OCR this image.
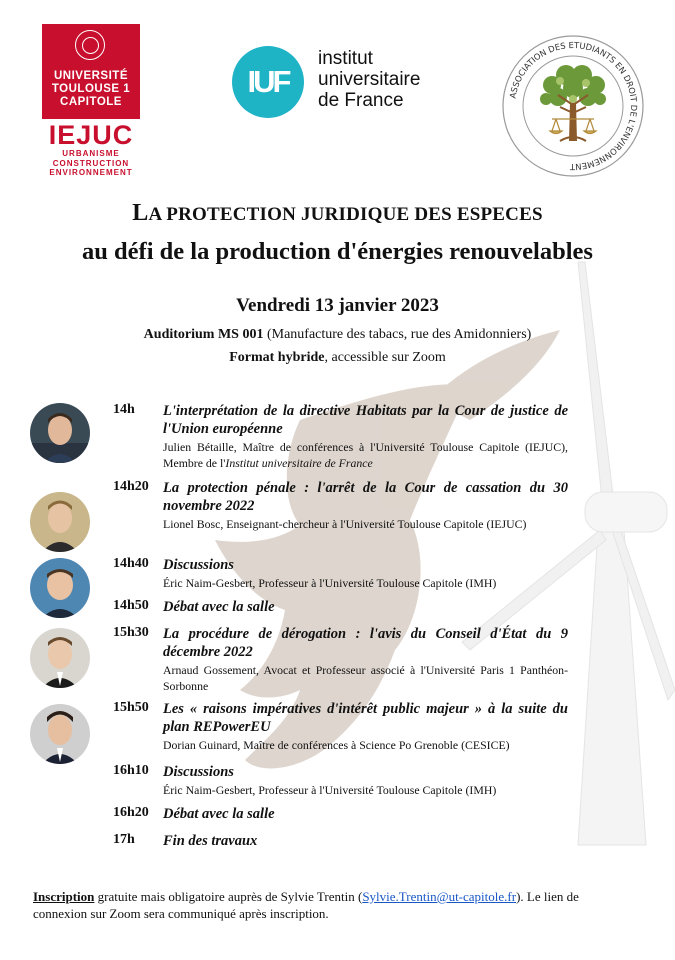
UNIVERSITÉ
TOULOUSE 1
CAPITOLE
IEJUC
URBANISME
CONSTRUCTION
ENVIRONNEMENT
IUF
institut
universitaire
de France	ASSOCIATION DES ETUDIANTS EN DROIT DE L'ENVIRONNEMENT
LA PROTECTION JURIDIQUE DES ESPECES
au défi de la production d'énergies renouvelables
Vendredi 13 janvier 2023
Auditorium MS 001 (Manufacture des tabacs, rue des Amidonniers)
Format hybride, accessible sur Zoom
14h L'interprétation de la directive Habitats par la Cour de justice de l'Union européenne
Julien Bétaille, Maître de conférences à l'Université Toulouse Capitole (IEJUC), Membre de l'Institut universitaire de France
14h20 La protection pénale : l'arrêt de la Cour de cassation du 30 novembre 2022
Lionel Bosc, Enseignant-chercheur à l'Université Toulouse Capitole (IEJUC)
14h40 Discussions
Éric Naim-Gesbert, Professeur à l'Université Toulouse Capitole (IMH)
14h50 Débat avec la salle
15h30 La procédure de dérogation : l'avis du Conseil d'État du 9 décembre 2022
Arnaud Gossement, Avocat et Professeur associé à l'Université Paris 1 Panthéon-Sorbonne
15h50 Les « raisons impératives d'intérêt public majeur » à la suite du plan REPowerEU
Dorian Guinard, Maître de conférences à Science Po Grenoble (CESICE)
16h10 Discussions
Éric Naim-Gesbert, Professeur à l'Université Toulouse Capitole (IMH)
16h20 Débat avec la salle
17h Fin des travaux
Inscription gratuite mais obligatoire auprès de Sylvie Trentin (Sylvie.Trentin@ut-capitole.fr). Le lien de connexion sur Zoom sera communiqué après inscription.
